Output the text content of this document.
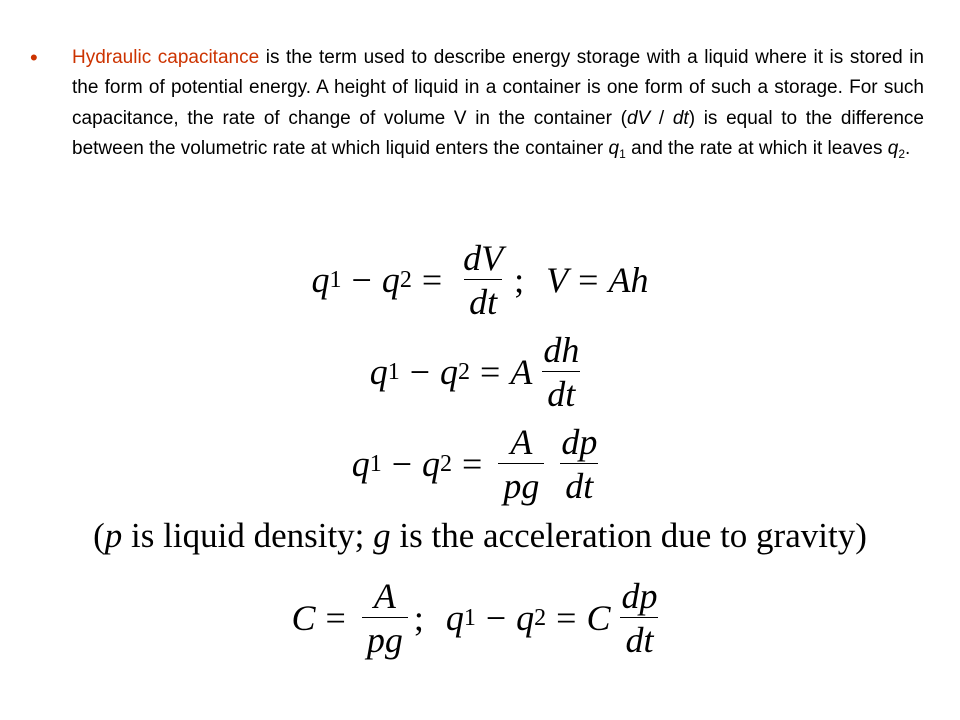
• Hydraulic capacitance is the term used to describe energy storage with a liquid where it is stored in the form of potential energy. A height of liquid in a container is one form of such a storage. For such capacitance, the rate of change of volume V in the container (dV / dt) is equal to the difference between the volumetric rate at which liquid enters the container $q_1$ and the rate at which it leaves $q_2$.
q 1 − q $2 = \frac{dV}{dt}$ ; V = A h
q 1 − q 2 = A $\frac{dh}{dt}$
q 1 − q $2 = \frac{A}{pg} \frac{dp}{dt}$
(p is liquid density; g is the acceleration due to gravity)
$C = \frac{A}{pg}$ ; q 1 − q 2 = C $\frac{dp}{dt}$
